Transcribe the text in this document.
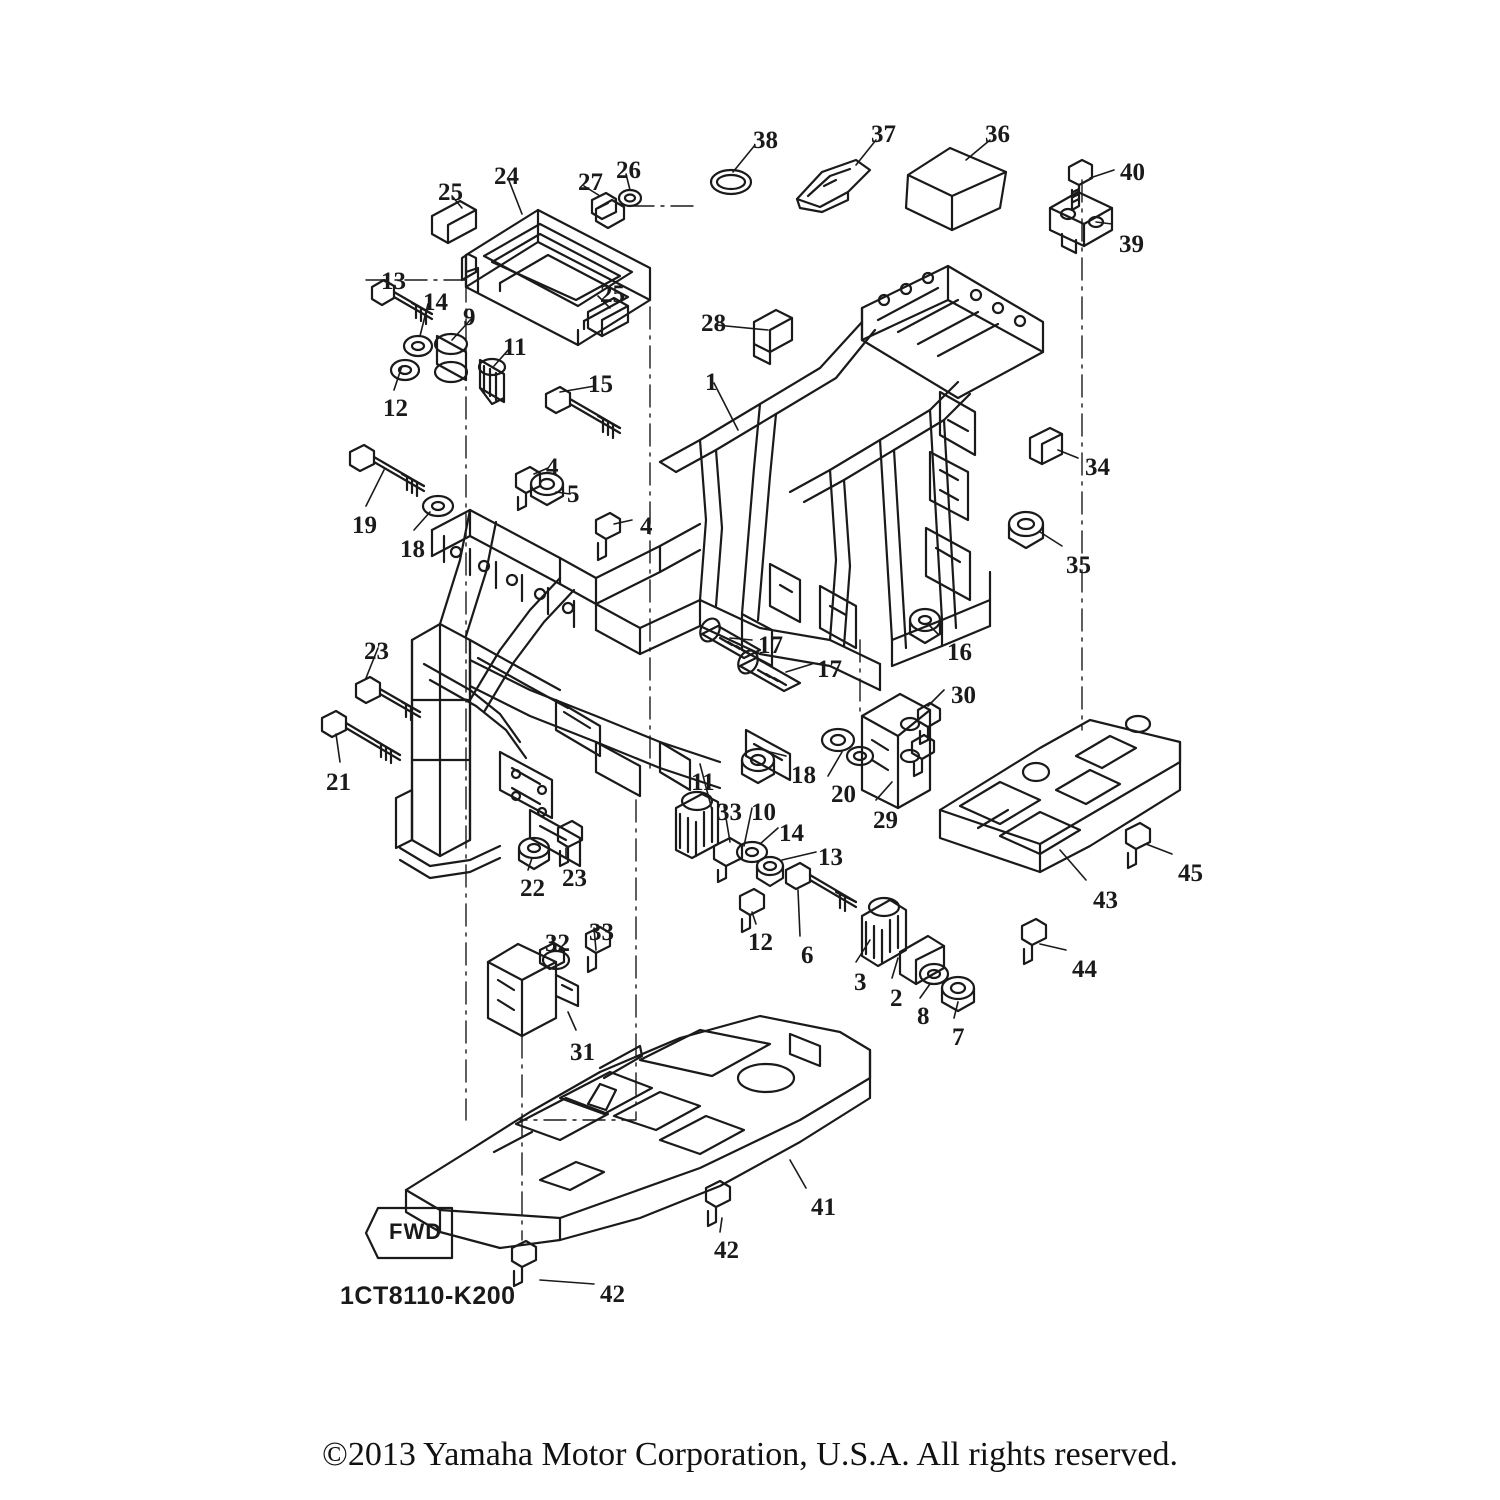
38	37	36
40
24 27 26
25
39
25
13
14
28
9
11
12
15	1
34
4
5
19	4
18
35
16
23	17
17
30
21	11	18
20
29
33 10
14
13
45
43
22 23
12 6
44
32 33
3
2
8
7
31
41
42
42
FWD
1CT8110-K200
©2013 Yamaha Motor Corporation, U.S.A. All rights reserved.
